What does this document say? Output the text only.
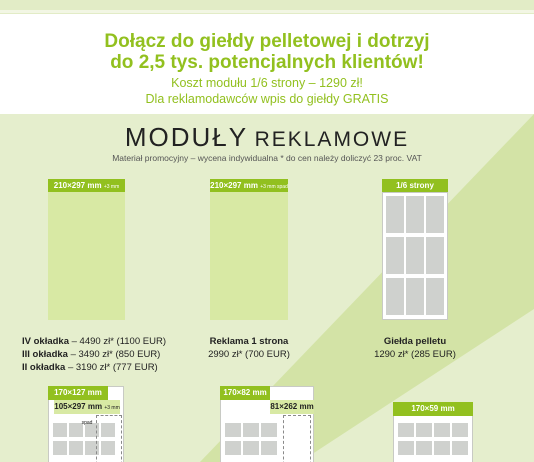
Dołącz do giełdy pelletowej i dotrzyj
do 2,5 tys. potencjalnych klientów!
Koszt modułu 1/6 strony – 1290 zł!
Dla reklamodawców wpis do giełdy GRATIS
MODUŁY REKLAMOWE
Materiał promocyjny – wycena indywidualna * do cen należy doliczyć 23 proc. VAT
210×297 mm +3 mm
IV okładka – 4490 zł* (1100 EUR)
III okładka – 3490 zł* (850 EUR)
II okładka – 3190 zł* (777 EUR)
210×297 mm +3 mm spad
Reklama 1 strona
2990 zł* (700 EUR)
1/6 strony
Giełda pelletu
1290 zł* (285 EUR)
170×127 mm
105×297 mm +3 mm spad
170×82 mm
81×262 mm	170×59 mm
